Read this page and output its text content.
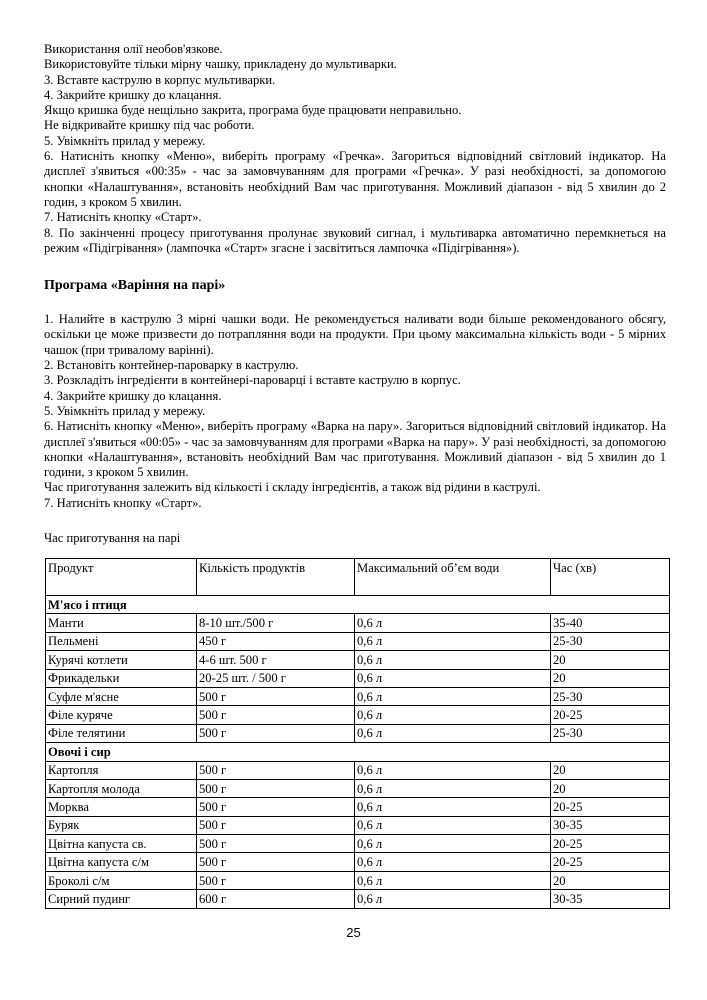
Використання олії необов'язкове.

Використовуйте тільки мірну чашку, прикладену до мультиварки.

3. Вставте каструлю в корпус мультиварки.

4. Закрийте кришку до клацання.

Якщо кришка буде нещільно закрита, програма буде працювати неправильно.

Не відкривайте кришку під час роботи.

5. Увімкніть прилад у мережу.

6. Натисніть кнопку «Меню», виберіть програму «Гречка». Загориться відповідний світловий індикатор. На дисплеї з'явиться «00:35» - час за замовчуванням для програми «Гречка». У разі необхідності, за допомогою кнопки «Налаштування», встановіть необхідний Вам час приготування. Можливий діапазон - від 5 хвилин до 2 годин, з кроком 5 хвилин.

7. Натисніть кнопку «Старт».

8. По закінченні процесу приготування пролунає звуковий сигнал, і мультиварка автоматично перемкнеться на режим «Підігрівання» (лампочка «Старт» згасне і засвітиться лампочка «Підігрівання»).

Програма «Варіння на парі»

1. Налийте в каструлю 3 мірні чашки води. Не рекомендується наливати води більше рекомендованого обсягу, оскільки це може призвести до потрапляння води на продукти. При цьому максимальна кількість води - 5 мірних чашок (при тривалому варінні).

2. Встановіть контейнер-пароварку в каструлю.

3. Розкладіть інгредієнти в контейнері-пароварці і вставте каструлю в корпус.

4. Закрийте кришку до клацання.

5. Увімкніть прилад у мережу.

6. Натисніть кнопку «Меню», виберіть програму «Варка на пару». Загориться відповідний світловий індикатор. На дисплеї з'явиться «00:05» - час за замовчуванням для програми «Варка на пару». У разі необхідності, за допомогою кнопки «Налаштування», встановіть необхідний Вам час приготування. Можливий діапазон - від 5 хвилин до 1 години, з кроком 5 хвилин.

Час приготування залежить від кількості і складу інгредієнтів, а також від рідини в каструлі.

7. Натисніть кнопку «Старт».

Час приготування на парі

Продукт	Кількість продуктів	Максимальний об’єм води	Час (хв)
М'ясо і птиця			
Манти	8-10 шт./500 г	0,6 л	35-40
Пельмені	450 г	0,6 л	25-30
Курячі котлети	4-6 шт. 500 г	0,6 л	20
Фрикадельки	20-25 шт. / 500 г	0,6 л	20
Суфле м'ясне	500 г	0,6 л	25-30
Філе куряче	500 г	0,6 л	20-25
Філе телятини	500 г	0,6 л	25-30
Овочі і сир			
Картопля	500 г	0,6 л	20
Картопля молода	500 г	0,6 л	20
Морква	500 г	0,6 л	20-25
Буряк	500 г	0,6 л	30-35
Цвітна капуста св.	500 г	0,6 л	20-25
Цвітна капуста с/м	500 г	0,6 л	20-25
Броколі с/м	500 г	0,6 л	20
Сирний пудинг	600 г	0,6 л	30-35
25
